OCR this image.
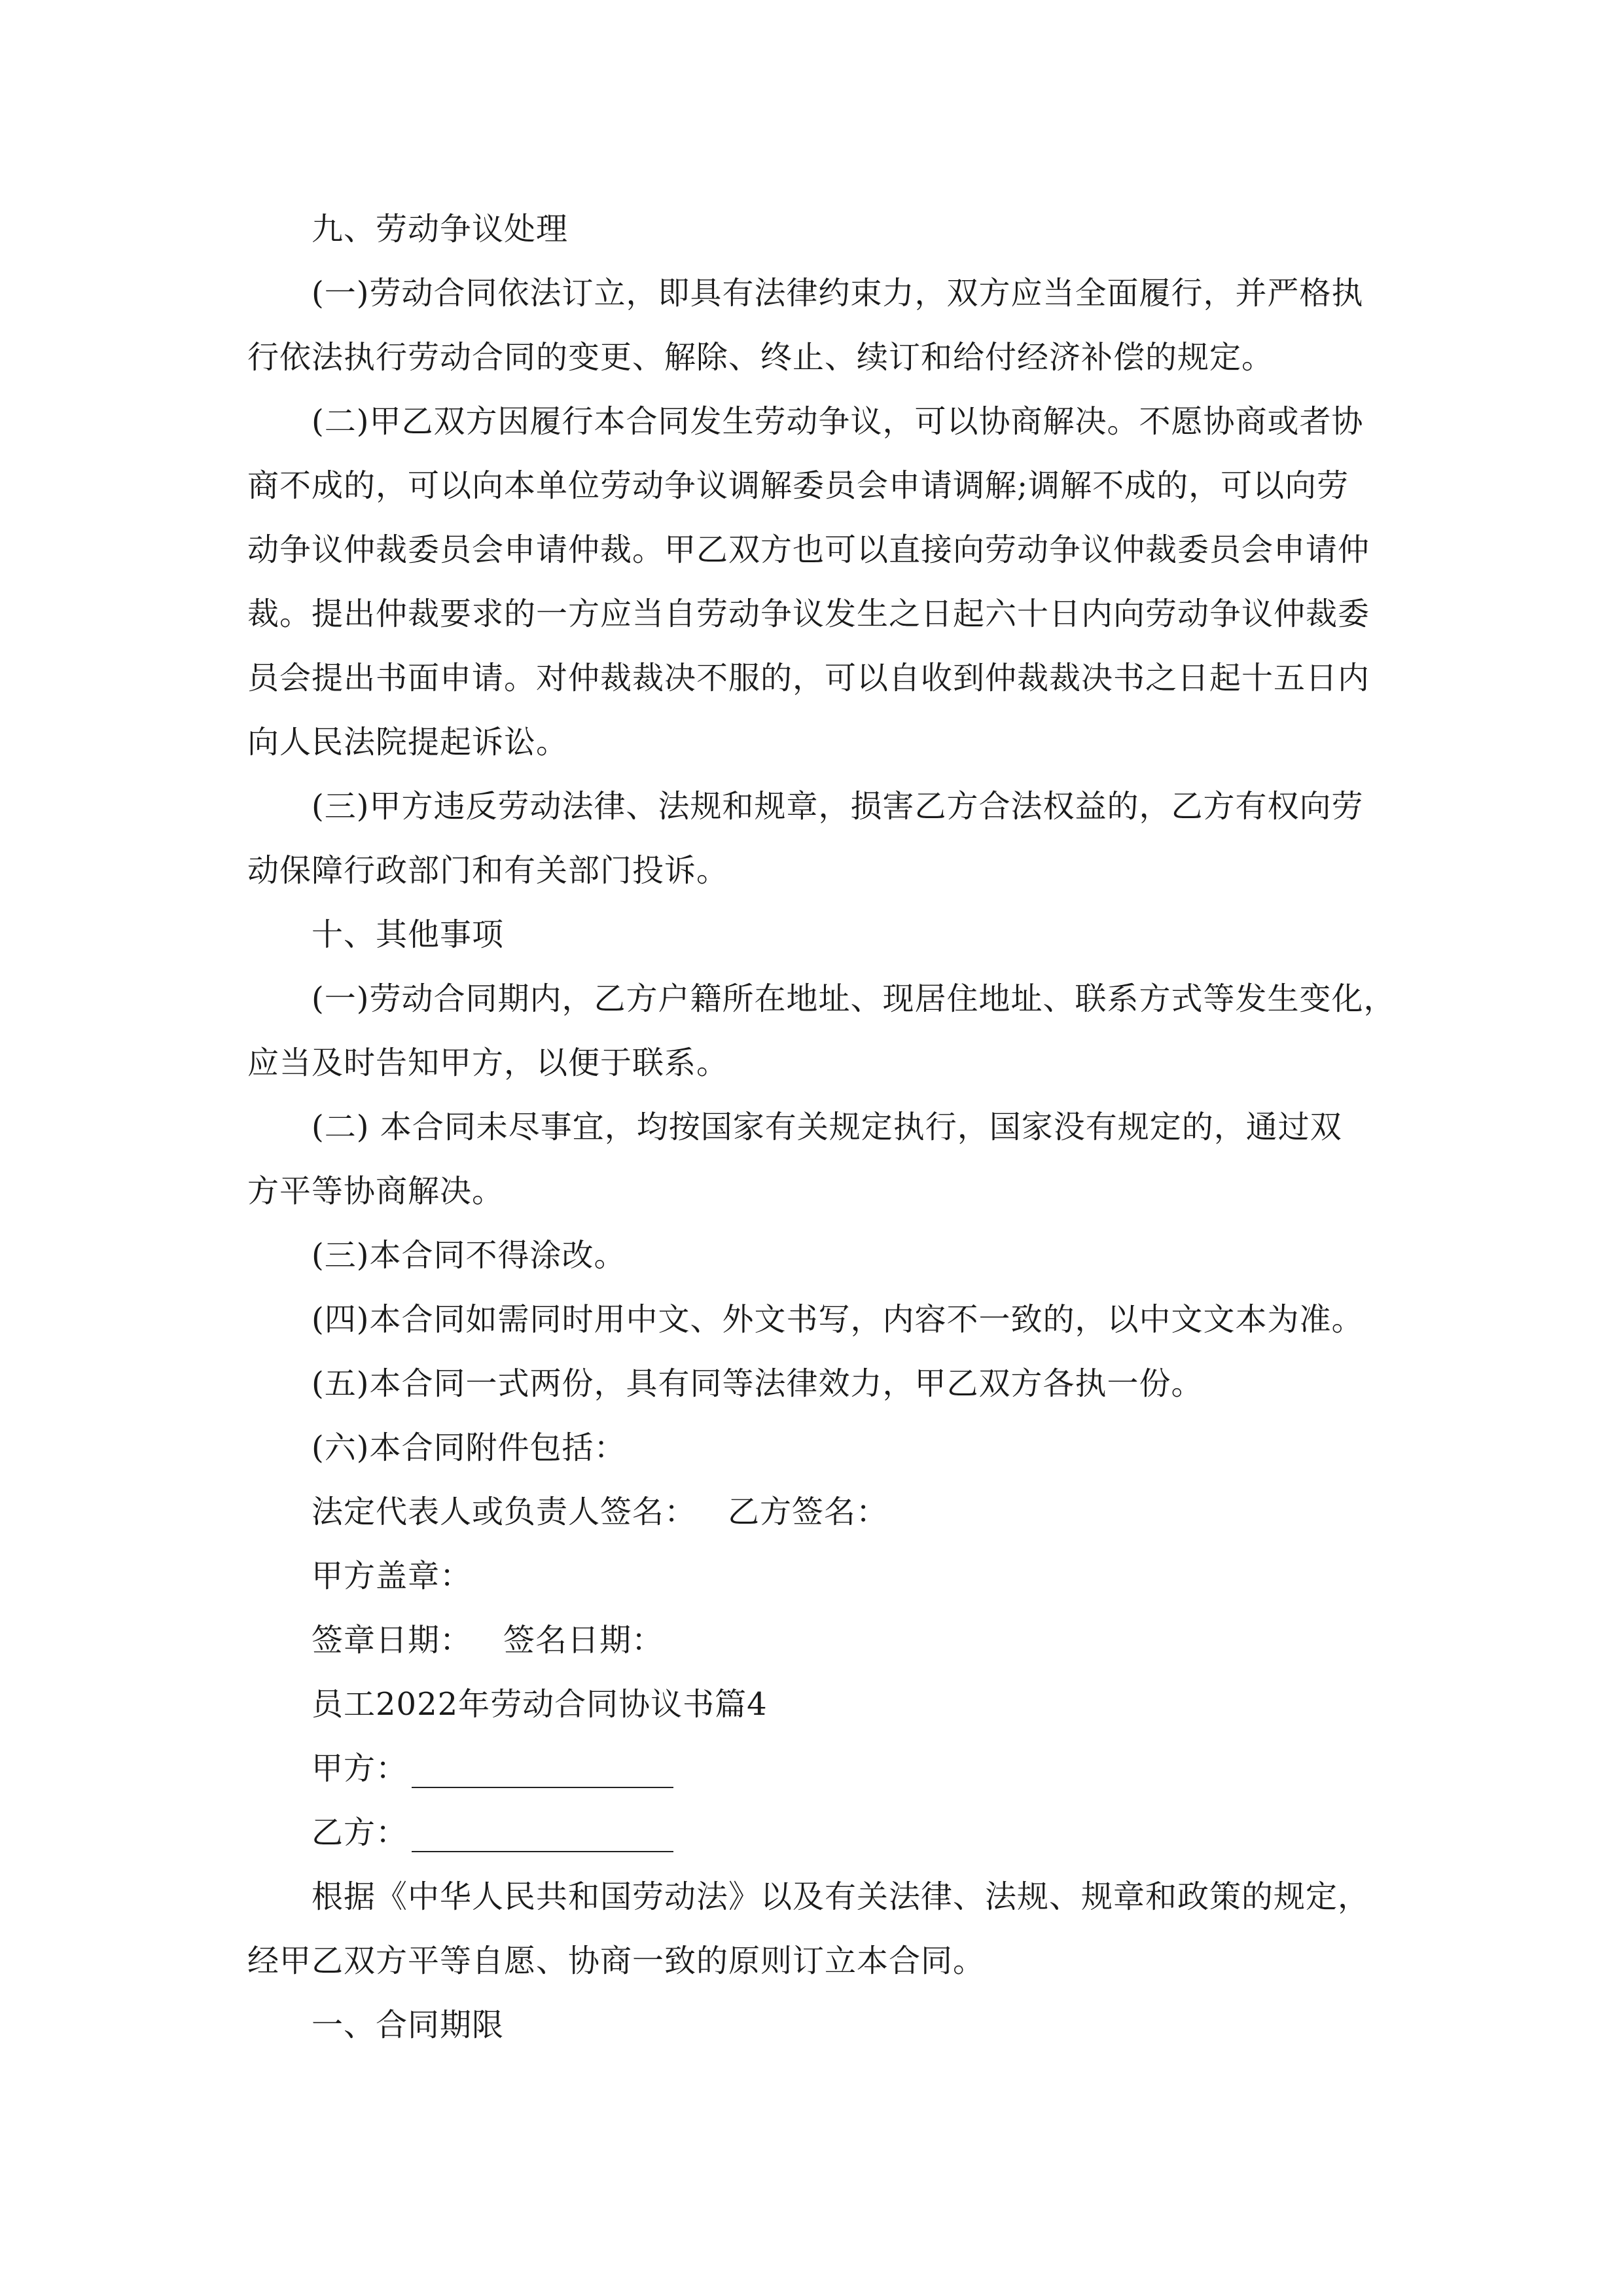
九、劳动争议处理
(一)劳动合同依法订立，即具有法律约束力，双方应当全面履行，并严格执
行依法执行劳动合同的变更、解除、终止、续订和给付经济补偿的规定。
(二)甲乙双方因履行本合同发生劳动争议，可以协商解决。不愿协商或者协
商不成的，可以向本单位劳动争议调解委员会申请调解;调解不成的，可以向劳
动争议仲裁委员会申请仲裁。甲乙双方也可以直接向劳动争议仲裁委员会申请仲
裁。提出仲裁要求的一方应当自劳动争议发生之日起六十日内向劳动争议仲裁委
员会提出书面申请。对仲裁裁决不服的，可以自收到仲裁裁决书之日起十五日内
向人民法院提起诉讼。
(三)甲方违反劳动法律、法规和规章，损害乙方合法权益的，乙方有权向劳
动保障行政部门和有关部门投诉。
十、其他事项
(一)劳动合同期内，乙方户籍所在地址、现居住地址、联系方式等发生变化，
应当及时告知甲方，以便于联系。
(二) 本合同未尽事宜，均按国家有关规定执行，国家没有规定的，通过双
方平等协商解决。
(三)本合同不得涂改。
(四)本合同如需同时用中文、外文书写，内容不一致的，以中文文本为准。
(五)本合同一式两份，具有同等法律效力，甲乙双方各执一份。
(六)本合同附件包括：
法定代表人或负责人签名： 乙方签名：
甲方盖章：
签章日期： 签名日期：
员工2022年劳动合同协议书篇4
甲方：
乙方：
根据《中华人民共和国劳动法》以及有关法律、法规、规章和政策的规定，
经甲乙双方平等自愿、协商一致的原则订立本合同。
一、合同期限
